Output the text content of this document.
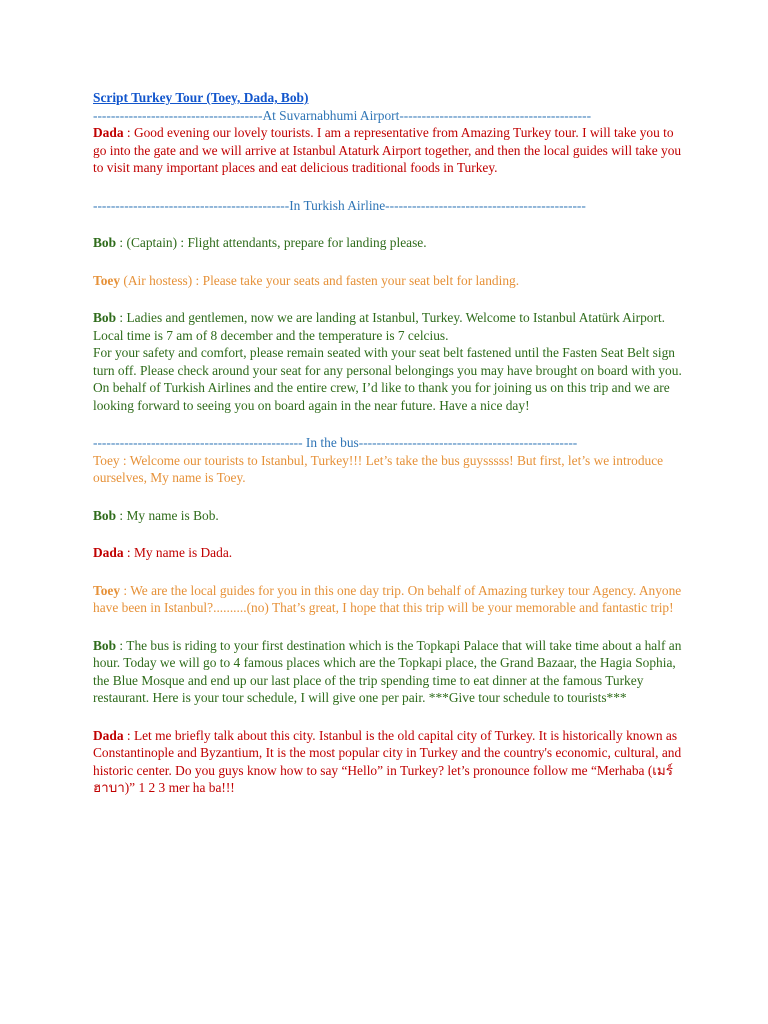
Script Turkey Tour (Toey, Dada, Bob)

--------------------------------------At Suvarnabhumi Airport-------------------------------------------

Dada : Good evening our lovely tourists. I am a representative from Amazing Turkey tour. I will take you to go into the gate and we will arrive at Istanbul Ataturk Airport together, and then the local guides will take you to visit many important places and eat delicious traditional foods in Turkey.

--------------------------------------------In Turkish Airline---------------------------------------------

Bob : (Captain) : Flight attendants, prepare for landing please.

Toey (Air hostess) : Please take your seats and fasten your seat belt for landing.

Bob : Ladies and gentlemen, now we are landing at Istanbul, Turkey. Welcome to Istanbul Atatürk Airport. Local time is 7 am of 8 december and the temperature is 7 celcius.

For your safety and comfort, please remain seated with your seat belt fastened until the Fasten Seat Belt sign turn off. Please check around your seat for any personal belongings you may have brought on board with you. On behalf of Turkish Airlines and the entire crew, I’d like to thank you for joining us on this trip and we are looking forward to seeing you on board again in the near future. Have a nice day!

----------------------------------------------- In the bus-------------------------------------------------

Toey : Welcome our tourists to Istanbul, Turkey!!! Let’s take the bus guysssss! But first, let’s we introduce ourselves, My name is Toey.

Bob : My name is Bob.

Dada : My name is Dada.

Toey : We are the local guides for you in this one day trip. On behalf of Amazing turkey tour Agency. Anyone have been in Istanbul?..........(no) That’s great, I hope that this trip will be your memorable and fantastic trip!

Bob : The bus is riding to your first destination which is the Topkapi Palace that will take time about a half an hour. Today we will go to 4 famous places which are the Topkapi place, the Grand Bazaar, the Hagia Sophia, the Blue Mosque and end up our last place of the trip spending time to eat dinner at the famous Turkey restaurant. Here is your tour schedule, I will give one per pair. ***Give tour schedule to tourists***

Dada : Let me briefly talk about this city. Istanbul is the old capital city of Turkey. It is historically known as Constantinople and Byzantium, It is the most popular city in Turkey and the country's economic, cultural, and historic center. Do you guys know how to say “Hello” in Turkey? let’s pronounce follow me “Merhaba (เมร์ฮาบา)” 1 2 3 mer ha ba!!!
